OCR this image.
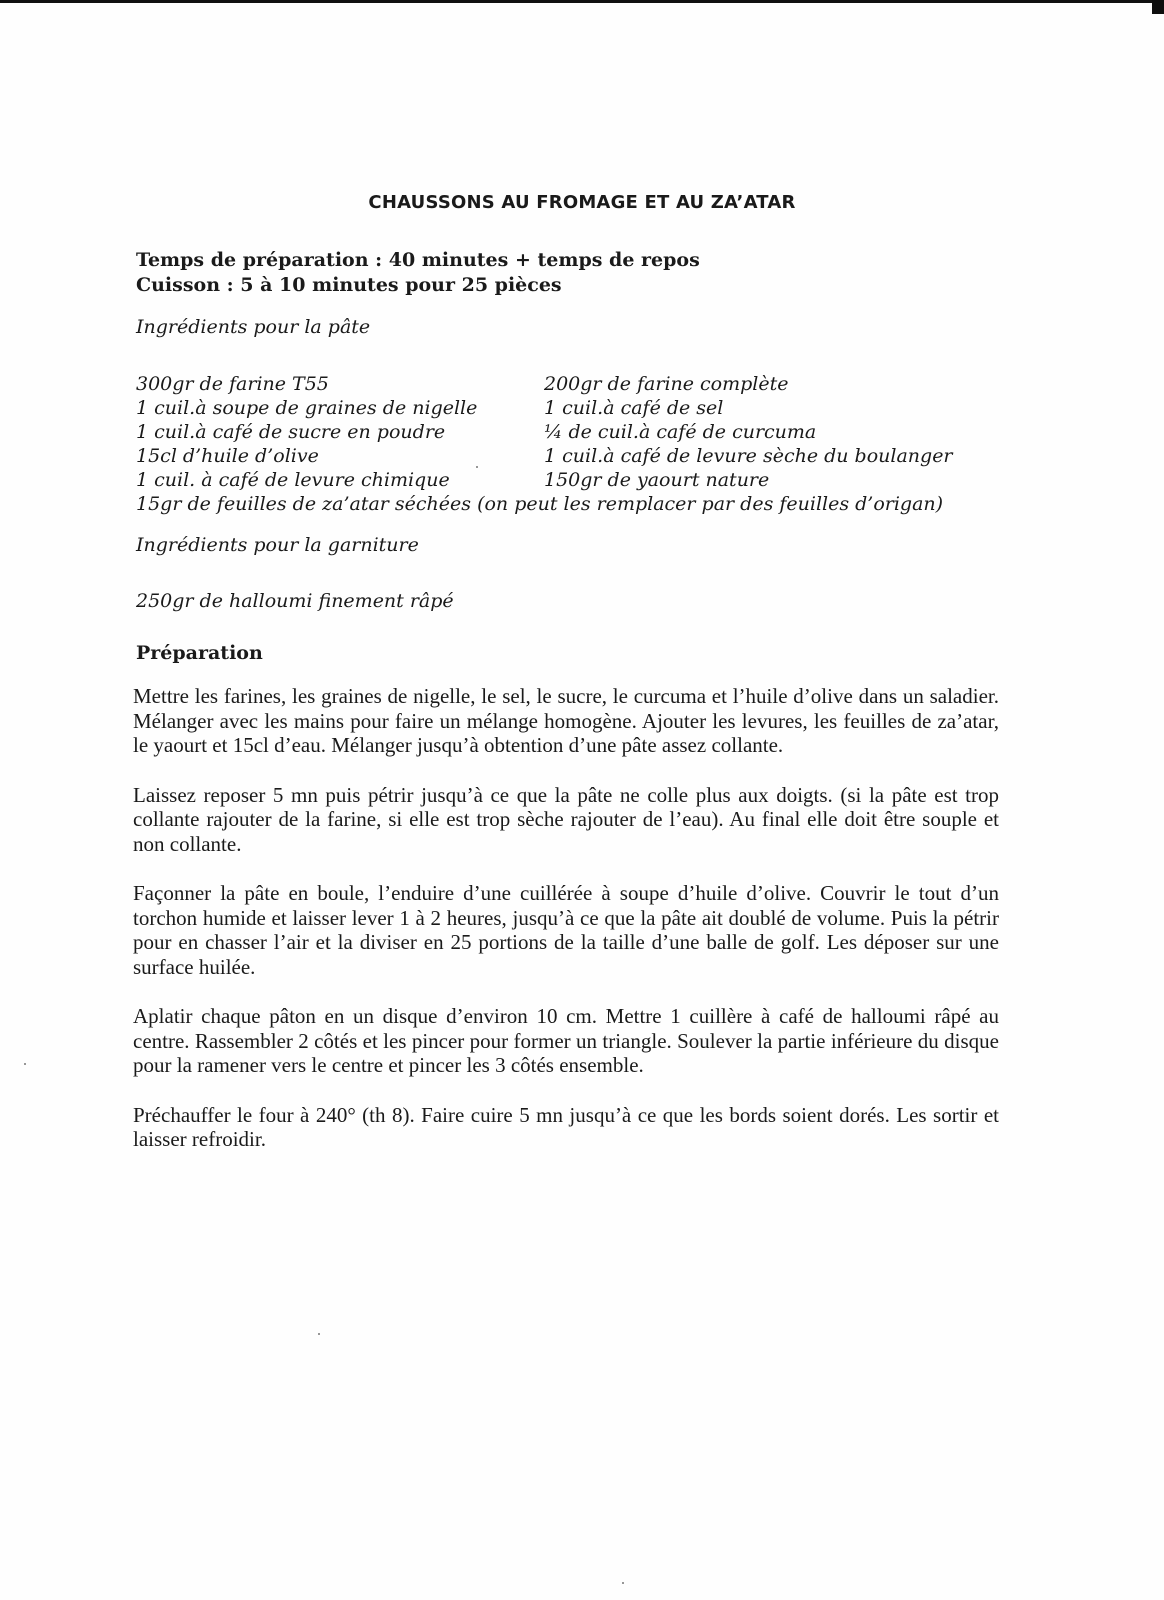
CHAUSSONS AU FROMAGE ET AU ZA’ATAR
Temps de préparation : 40 minutes + temps de repos
Cuisson : 5 à 10 minutes pour 25 pièces
Ingrédients pour la pâte
300gr de farine T55	200gr de farine complète
1 cuil.à soupe de graines de nigelle	1 cuil.à café de sel
1 cuil.à café de sucre en poudre	¼ de cuil.à café de curcuma
15cl d’huile d’olive	1 cuil.à café de levure sèche du boulanger
1 cuil. à café de levure chimique	150gr de yaourt nature
15gr de feuilles de za’atar séchées (on peut les remplacer par des feuilles d’origan)
Ingrédients pour la garniture
250gr de halloumi finement râpé
Préparation

Mettre les farines, les graines de nigelle, le sel, le sucre, le curcuma et l’huile d’olive dans un saladier. Mélanger avec les mains pour faire un mélange homogène. Ajouter les levures, les feuilles de za’atar, le yaourt et 15cl d’eau. Mélanger jusqu’à obtention d’une pâte assez collante.

Laissez reposer 5 mn puis pétrir jusqu’à ce que la pâte ne colle plus aux doigts. (si la pâte est trop collante rajouter de la farine, si elle est trop sèche rajouter de l’eau). Au final elle doit être souple et non collante.

Façonner la pâte en boule, l’enduire d’une cuillérée à soupe d’huile d’olive. Couvrir le tout d’un torchon humide et laisser lever 1 à 2 heures, jusqu’à ce que la pâte ait doublé de volume. Puis la pétrir pour en chasser l’air et la diviser en 25 portions de la taille d’une balle de golf. Les déposer sur une surface huilée.

Aplatir chaque pâton en un disque d’environ 10 cm. Mettre 1 cuillère à café de halloumi râpé au centre. Rassembler 2 côtés et les pincer pour former un triangle. Soulever la partie inférieure du disque pour la ramener vers le centre et pincer les 3 côtés ensemble.

Préchauffer le four à 240° (th 8). Faire cuire 5 mn jusqu’à ce que les bords soient dorés. Les sortir et laisser refroidir.
